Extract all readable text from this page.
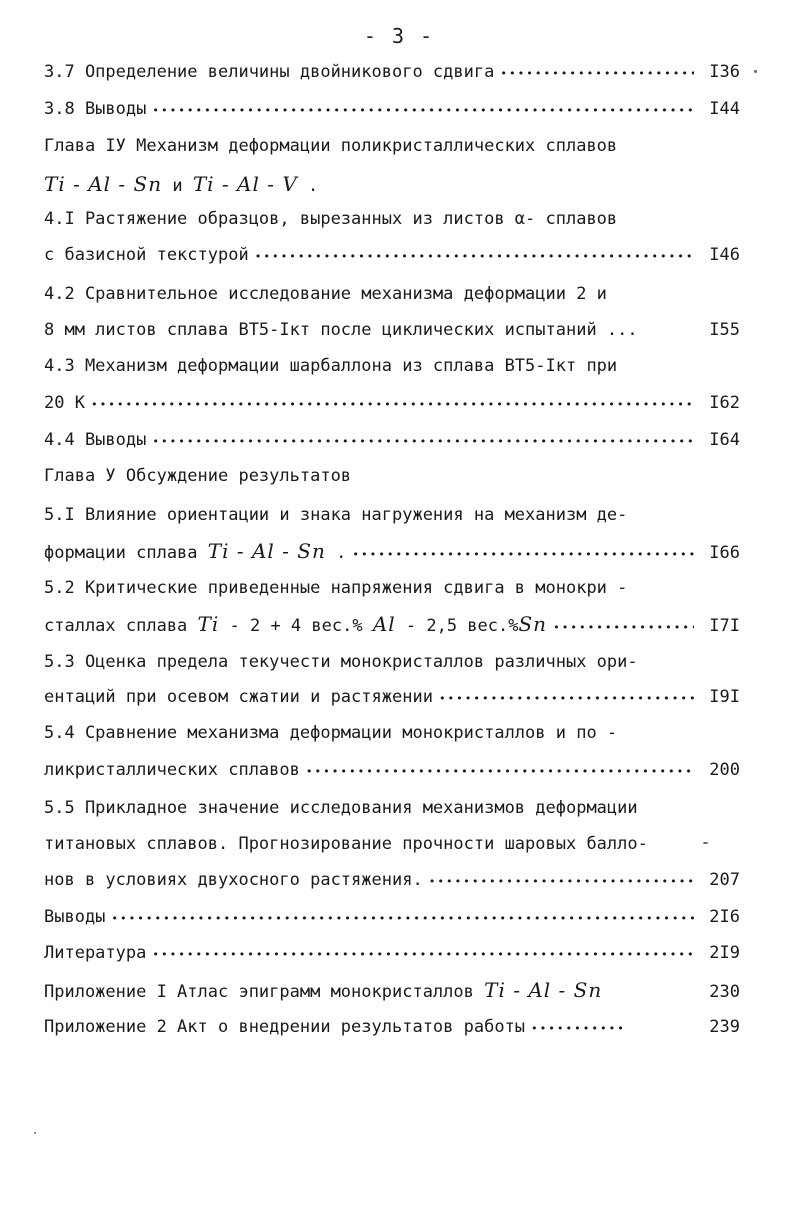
- 3 -
3.7 Определение величины двойникового сдвига •••••	I36
3.8 Выводы •••••	I44
Глава IУ Механизм деформации поликристаллических сплавов
Ti - Al - Sn и Ti - Al - V .
4.I Растяжение образцов, вырезанных из листов α- сплавов
с базисной текстурой •••••	I46
4.2 Сравнительное исследование механизма деформации 2 и
8 мм листов сплава ВТ5-Iкт после циклических испытаний ...	I55
4.3 Механизм деформации шарбаллона из сплава ВТ5-Iкт при
20 К •••••	I62
4.4 Выводы •••••	I64
Глава У Обсуждение результатов
5.I Влияние ориентации и знака нагружения на механизм де-
формации сплава Ti - Al - Sn . •••••	I66
5.2 Критические приведенные напряжения сдвига в монокри -
сталлах сплава Ti - 2 + 4 вес.% Al - 2,5 вес.%Sn •••••	I7I
5.3 Оценка предела текучести монокристаллов различных ори-
ентаций при осевом сжатии и растяжении •••••	I9I
5.4 Сравнение механизма деформации монокристаллов и по -
ликристаллических сплавов •••••	200
5.5 Прикладное значение исследования механизмов деформации
титановых сплавов. Прогнозирование прочности шаровых балло-
нов в условиях двухосного растяжения. •••••	207
Выводы •••••	2I6
Литература •••••	2I9
Приложение I Атлас эпиграмм монокристаллов Ti - Al - Sn	230
Приложение 2 Акт о внедрении результатов работы •••••	239
